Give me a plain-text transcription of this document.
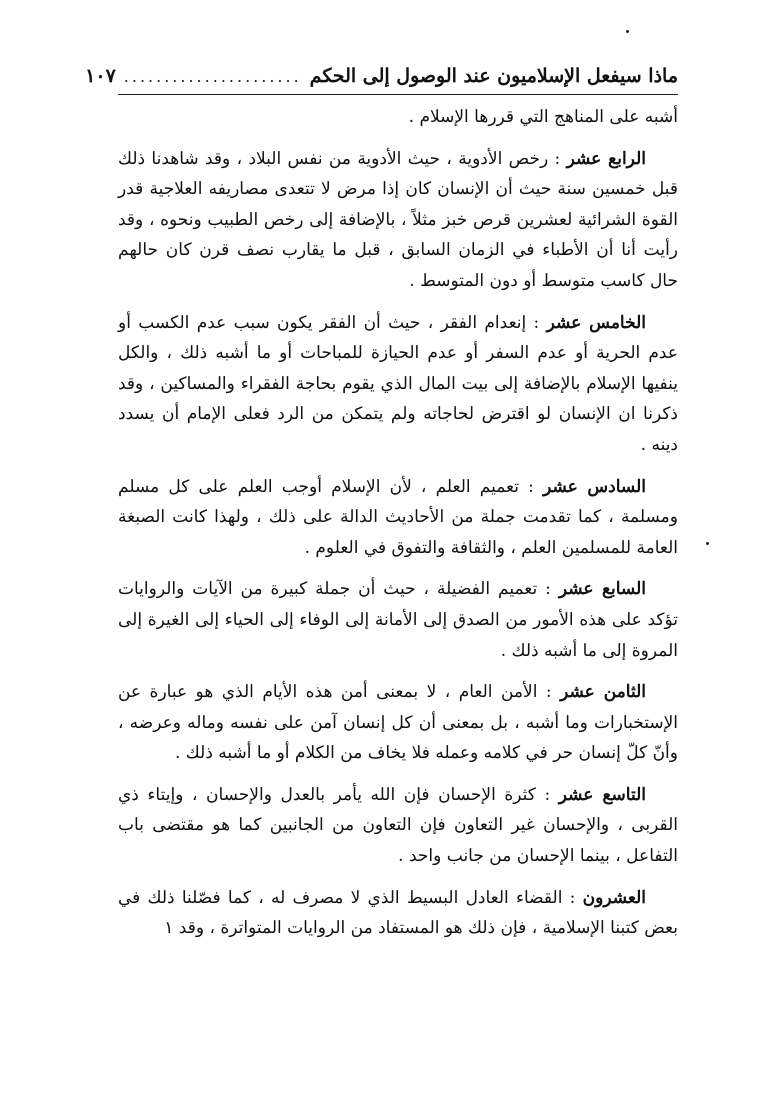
ماذا سيفعل الإسلاميون عند الوصول إلى الحكم
......................
١٠٧

أشبه على المناهج التي قررها الإسلام .

الرابع عشر : رخص الأدوية ، حيث الأدوية من نفس البلاد ، وقد شاهدنا ذلك قبل خمسين سنة حيث أن الإنسان كان إذا مرض لا تتعدى مصاريفه العلاجية قدر القوة الشرائية لعشرين قرص خبز مثلاً ، بالإضافة إلى رخص الطبيب ونحوه ، وقد رأيت أنا أن الأطباء في الزمان السابق ، قبل ما يقارب نصف قرن كان حالهم حال كاسب متوسط أو دون المتوسط .

الخامس عشر : إنعدام الفقر ، حيث أن الفقر يكون سبب عدم الكسب أو عدم الحرية أو عدم السفر أو عدم الحيازة للمباحات أو ما أشبه ذلك ، والكل ينفيها الإسلام بالإضافة إلى بيت المال الذي يقوم بحاجة الفقراء والمساكين ، وقد ذكرنا ان الإنسان لو اقترض لحاجاته ولم يتمكن من الرد فعلى الإمام أن يسدد دينه .

السادس عشر : تعميم العلم ، لأن الإسلام أوجب العلم على كل مسلم ومسلمة ، كما تقدمت جملة من الأحاديث الدالة على ذلك ، ولهذا كانت الصبغة العامة للمسلمين العلم ، والثقافة والتفوق في العلوم .

السابع عشر : تعميم الفضيلة ، حيث أن جملة كبيرة من الآيات والروايات تؤكد على هذه الأمور من الصدق إلى الأمانة إلى الوفاء إلى الحياء إلى الغيرة إلى المروة إلى ما أشبه ذلك .

الثامن عشر : الأمن العام ، لا بمعنى أمن هذه الأيام الذي هو عبارة عن الإستخبارات وما أشبه ، بل بمعنى أن كل إنسان آمن على نفسه وماله وعرضه ، وأنّ كلّ إنسان حر في كلامه وعمله فلا يخاف من الكلام أو ما أشبه ذلك .

التاسع عشر : كثرة الإحسان فإن الله يأمر بالعدل والإحسان ، وإيتاء ذي القربى ، والإحسان غير التعاون فإن التعاون من الجانبين كما هو مقتضى باب التفاعل ، بينما الإحسان من جانب واحد .

العشرون : القضاء العادل البسيط الذي لا مصرف له ، كما فصّلنا ذلك في بعض كتبنا الإسلامية ، فإن ذلك هو المستفاد من الروايات المتواترة ، وقد ١
